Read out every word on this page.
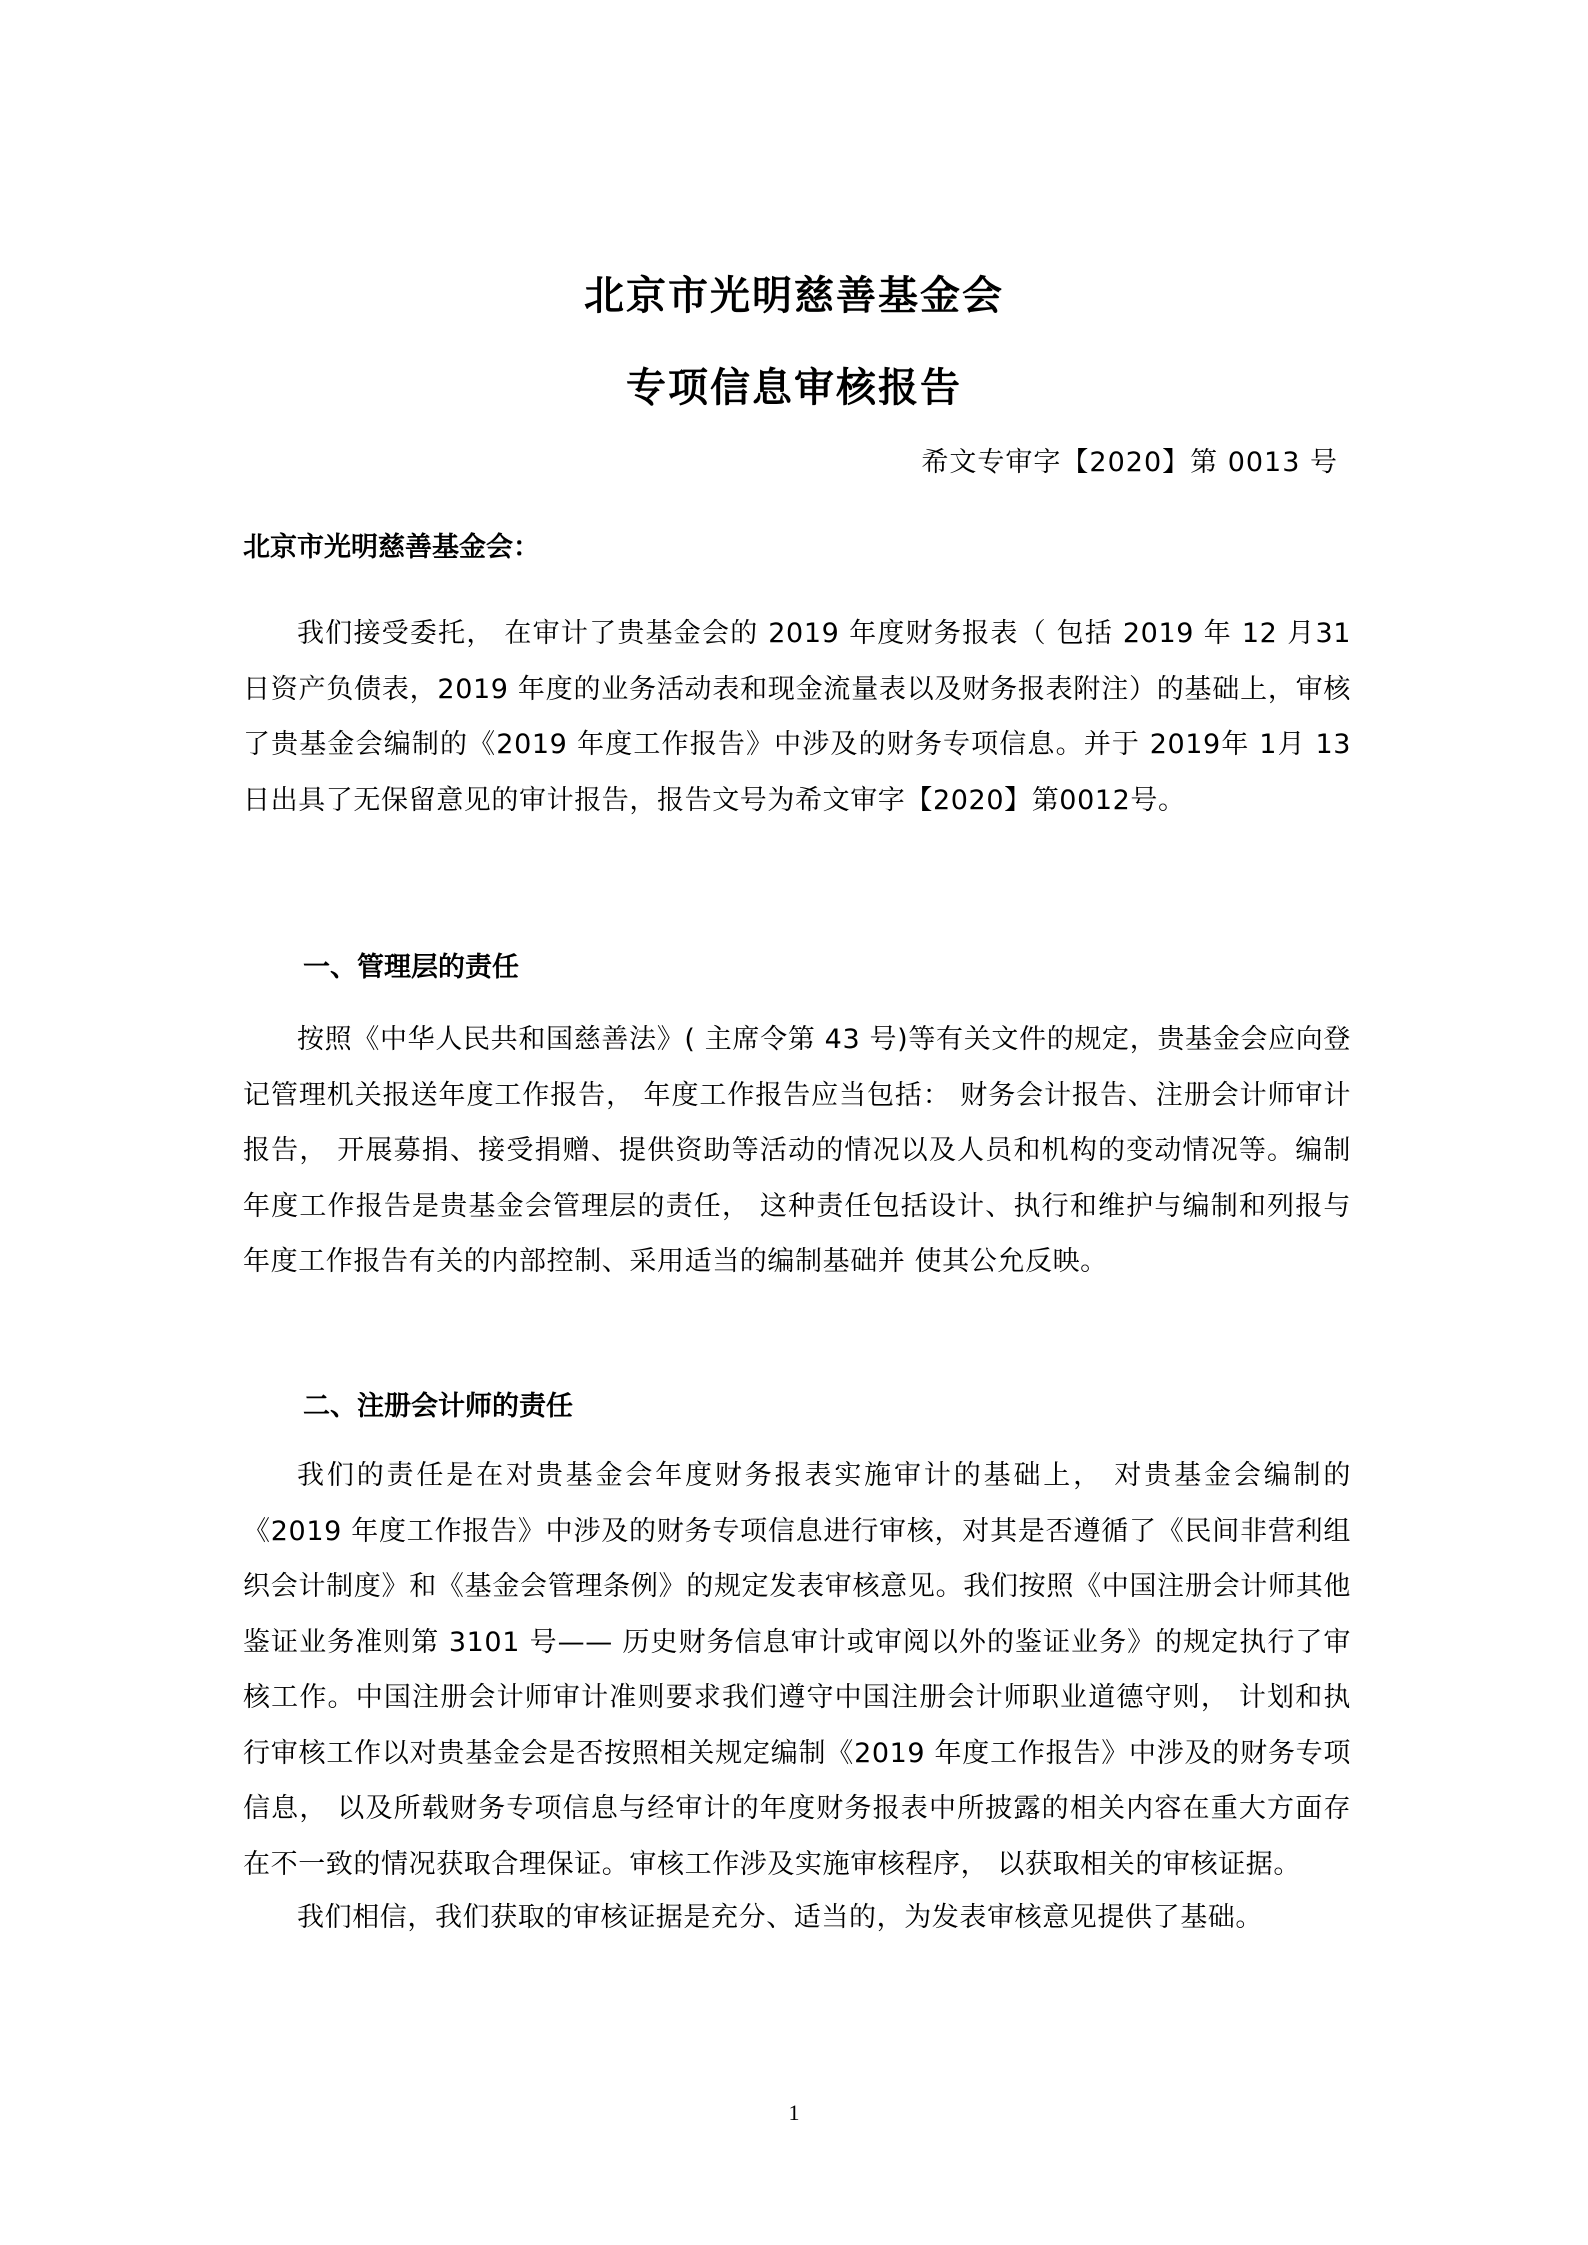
北京市光明慈善基金会
专项信息审核报告
希文专审字【2020】第 0013 号
北京市光明慈善基金会：

我们接受委托， 在审计了贵基金会的 2019 年度财务报表（ 包括 2019 年 12 月31 日资产负债表，2019 年度的业务活动表和现金流量表以及财务报表附注）的基础上，审核了贵基金会编制的《2019 年度工作报告》中涉及的财务专项信息。并于 2019年 1月 13 日出具了无保留意见的审计报告，报告文号为希文审字【2020】第0012号。

一、管理层的责任

按照《中华人民共和国慈善法》( 主席令第 43 号)等有关文件的规定，贵基金会应向登记管理机关报送年度工作报告， 年度工作报告应当包括： 财务会计报告、注册会计师审计报告， 开展募捐、接受捐赠、提供资助等活动的情况以及人员和机构的变动情况等。编制年度工作报告是贵基金会管理层的责任， 这种责任包括设计、执行和维护与编制和列报与年度工作报告有关的内部控制、采用适当的编制基础并 使其公允反映。

二、注册会计师的责任

我们的责任是在对贵基金会年度财务报表实施审计的基础上， 对贵基金会编制的《2019 年度工作报告》中涉及的财务专项信息进行审核，对其是否遵循了《民间非营利组织会计制度》和《基金会管理条例》的规定发表审核意见。我们按照《中国注册会计师其他鉴证业务准则第 3101 号—— 历史财务信息审计或审阅以外的鉴证业务》的规定执行了审核工作。中国注册会计师审计准则要求我们遵守中国注册会计师职业道德守则， 计划和执行审核工作以对贵基金会是否按照相关规定编制《2019 年度工作报告》中涉及的财务专项信息， 以及所载财务专项信息与经审计的年度财务报表中所披露的相关内容在重大方面存在不一致的情况获取合理保证。审核工作涉及实施审核程序， 以获取相关的审核证据。

我们相信，我们获取的审核证据是充分、适当的，为发表审核意见提供了基础。

1
